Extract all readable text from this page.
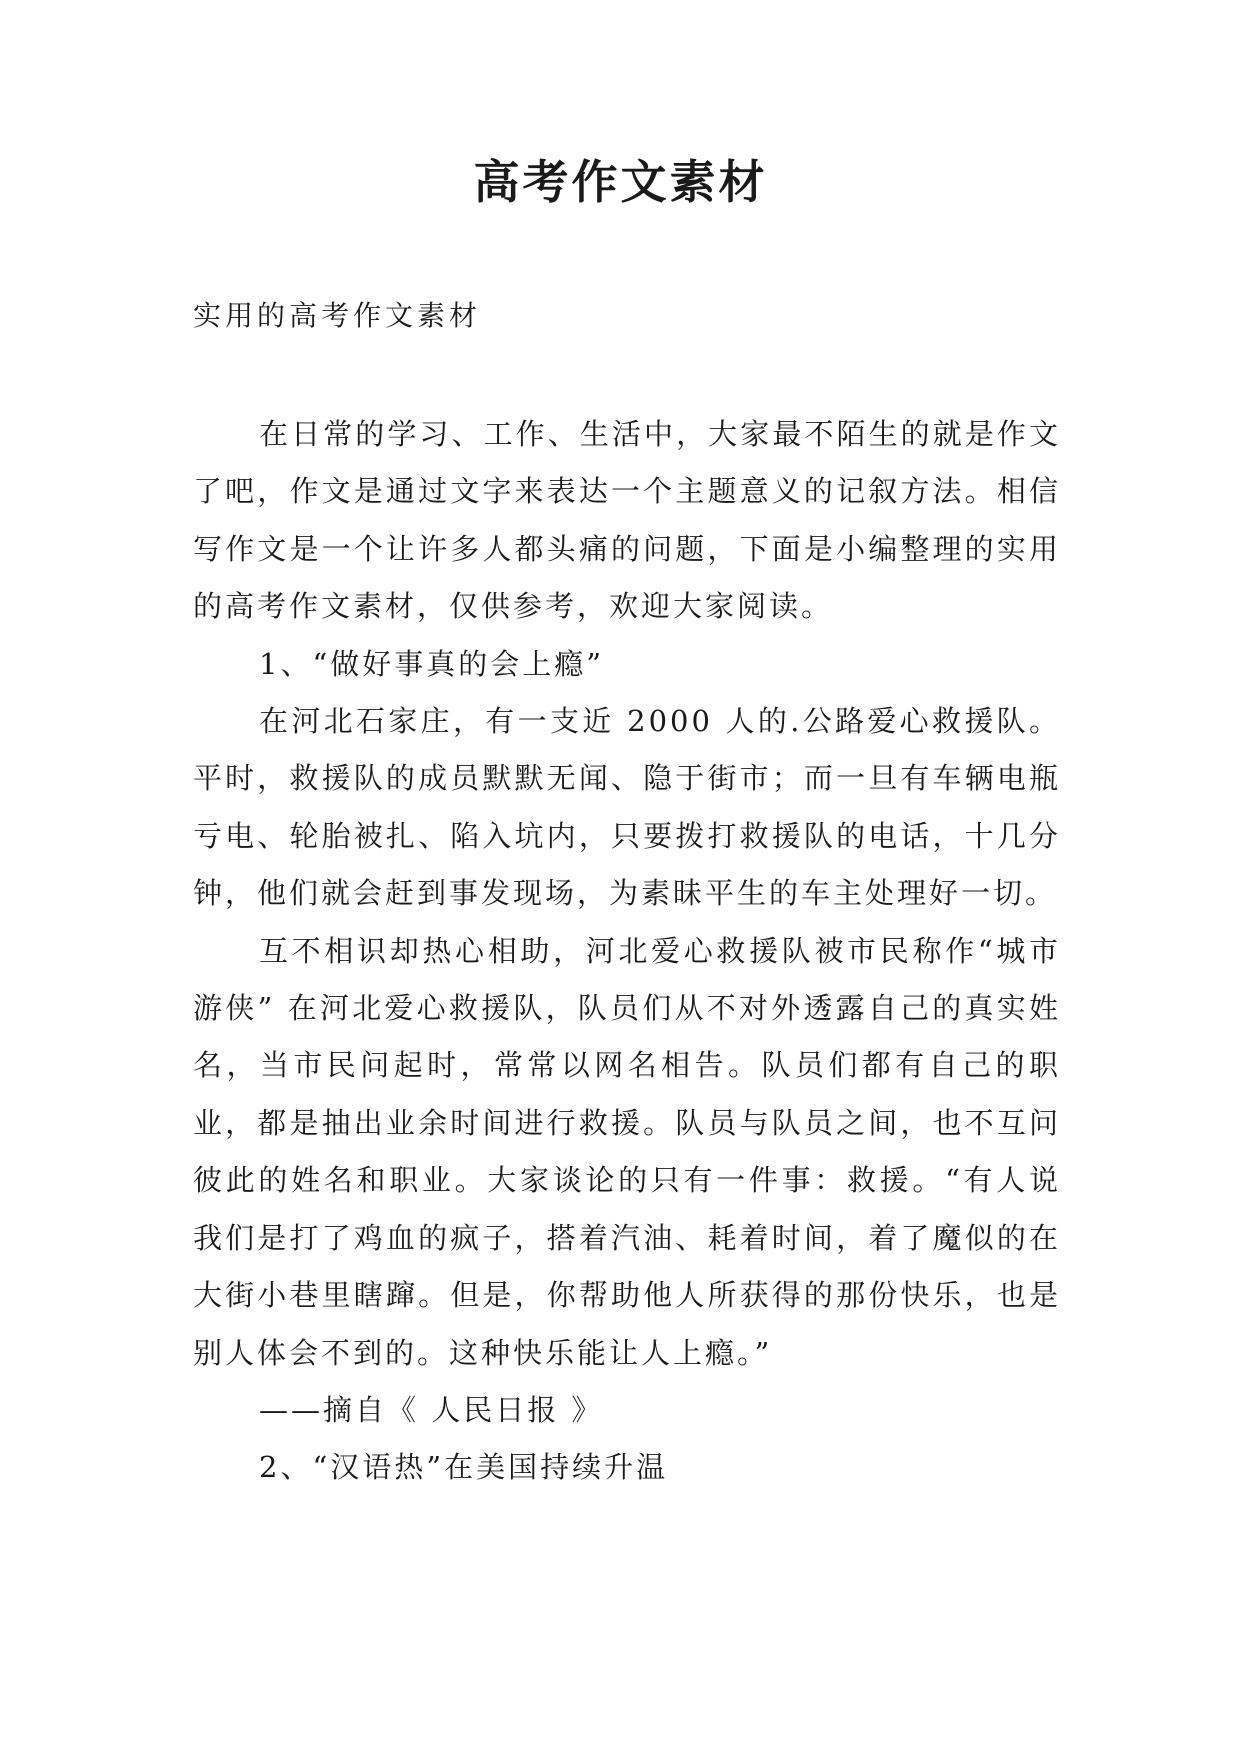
高考作文素材

实用的高考作文素材

在日常的学习、工作、生活中，大家最不陌生的就是作文了吧，作文是通过文字来表达一个主题意义的记叙方法。相信写作文是一个让许多人都头痛的问题，下面是小编整理的实用的高考作文素材，仅供参考，欢迎大家阅读。

1、“做好事真的会上瘾”

在河北石家庄，有一支近 2000 人的.公路爱心救援队。平时，救援队的成员默默无闻、隐于街市；而一旦有车辆电瓶亏电、轮胎被扎、陷入坑内，只要拨打救援队的电话，十几分钟，他们就会赶到事发现场，为素昧平生的车主处理好一切。

互不相识却热心相助，河北爱心救援队被市民称作“城市游侠” 在河北爱心救援队，队员们从不对外透露自己的真实姓名，当市民问起时，常常以网名相告。队员们都有自己的职业，都是抽出业余时间进行救援。队员与队员之间，也不互问彼此的姓名和职业。大家谈论的只有一件事：救援。“有人说我们是打了鸡血的疯子，搭着汽油、耗着时间，着了魔似的在大街小巷里瞎蹿。但是，你帮助他人所获得的那份快乐，也是别人体会不到的。这种快乐能让人上瘾。”

——摘自《 人民日报 》

2、“汉语热”在美国持续升温
